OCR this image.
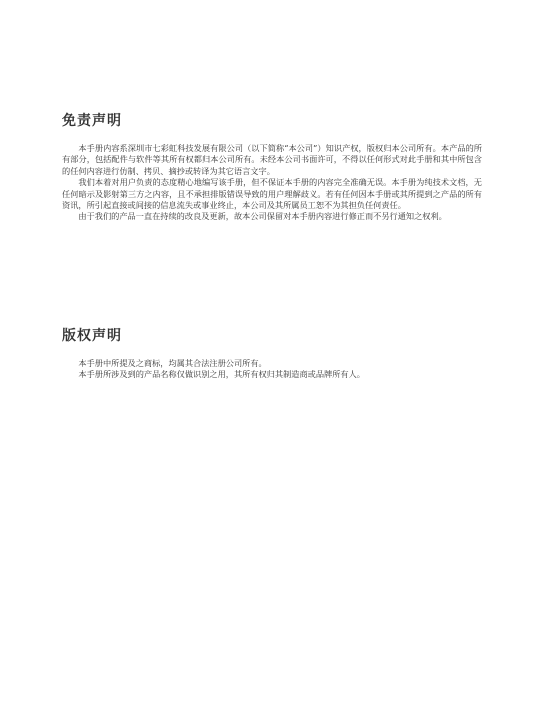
免责声明

本手册内容系深圳市七彩虹科技发展有限公司（以下简称“本公司”）知识产权，版权归本公司所有。本产品的所有部分，包括配件与软件等其所有权都归本公司所有。未经本公司书面许可，不得以任何形式对此手册和其中所包含的任何内容进行仿制、拷贝、摘抄或转译为其它语言文字。

我们本着对用户负责的态度精心地编写该手册，但不保证本手册的内容完全准确无误。本手册为纯技术文档，无任何暗示及影射第三方之内容，且不承担排版错误导致的用户理解歧义。若有任何因本手册或其所提到之产品的所有资讯，所引起直接或间接的信息流失或事业终止，本公司及其所属员工恕不为其担负任何责任。

由于我们的产品一直在持续的改良及更新，故本公司保留对本手册内容进行修正而不另行通知之权利。

版权声明

本手册中所提及之商标，均属其合法注册公司所有。

本手册所涉及到的产品名称仅做识别之用，其所有权归其制造商或品牌所有人。
